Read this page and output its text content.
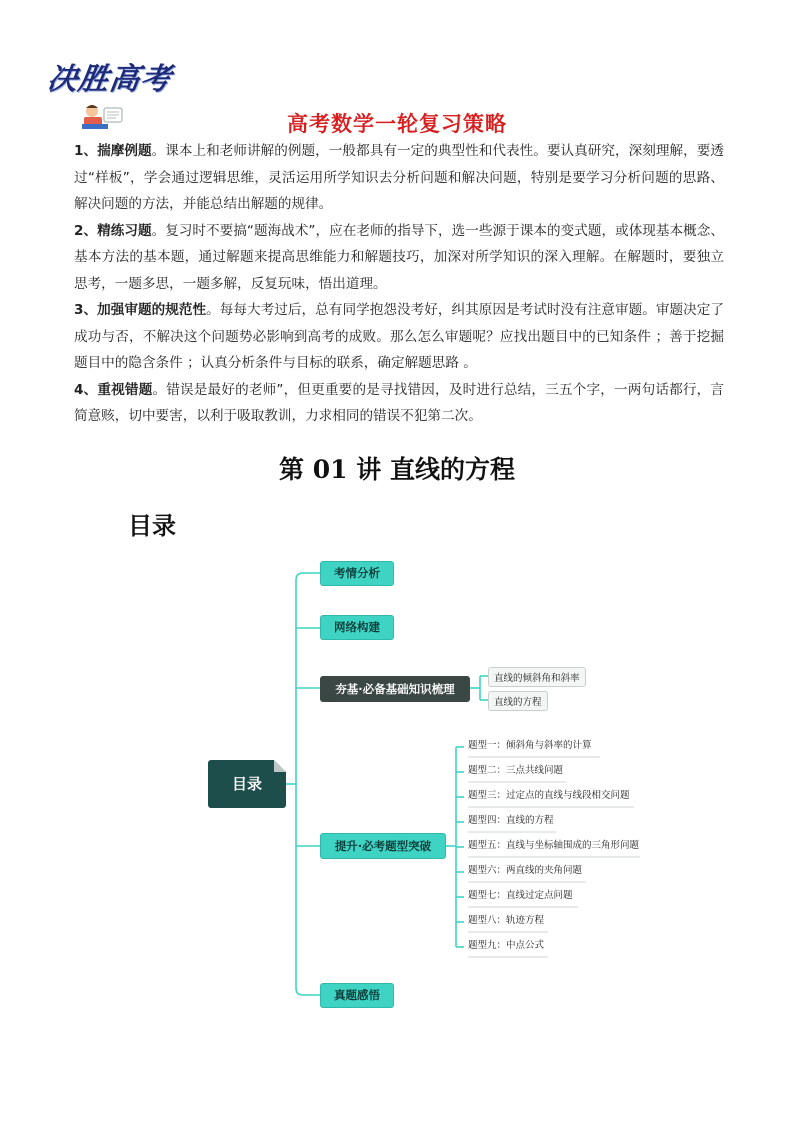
决胜高考
高考数学一轮复习策略

1、揣摩例题。课本上和老师讲解的例题，一般都具有一定的典型性和代表性。要认真研究，深刻理解，要透过“样板”，学会通过逻辑思维，灵活运用所学知识去分析问题和解决问题，特别是要学习分析问题的思路、解决问题的方法，并能总结出解题的规律。

2、精练习题。复习时不要搞“题海战术”，应在老师的指导下，选一些源于课本的变式题，或体现基本概念、基本方法的基本题，通过解题来提高思维能力和解题技巧，加深对所学知识的深入理解。在解题时，要独立思考，一题多思，一题多解，反复玩味，悟出道理。

3、加强审题的规范性。每每大考过后，总有同学抱怨没考好，纠其原因是考试时没有注意审题。审题决定了成功与否，不解决这个问题势必影响到高考的成败。那么怎么审题呢？应找出题目中的已知条件 ；善于挖掘题目中的隐含条件 ；认真分析条件与目标的联系，确定解题思路 。

4、重视错题。错误是最好的老师”，但更重要的是寻找错因，及时进行总结，三五个字，一两句话都行，言简意赅，切中要害，以利于吸取教训，力求相同的错误不犯第二次。

第 01 讲 直线的方程
目录
目录
考情分析
网络构建
夯基·必备基础知识梳理
提升·必考题型突破
真题感悟
直线的倾斜角和斜率
直线的方程
题型一：倾斜角与斜率的计算
题型二：三点共线问题
题型三：过定点的直线与线段相交问题
题型四：直线的方程
题型五：直线与坐标轴围成的三角形问题
题型六：两直线的夹角问题
题型七：直线过定点问题
题型八：轨迹方程
题型九：中点公式
